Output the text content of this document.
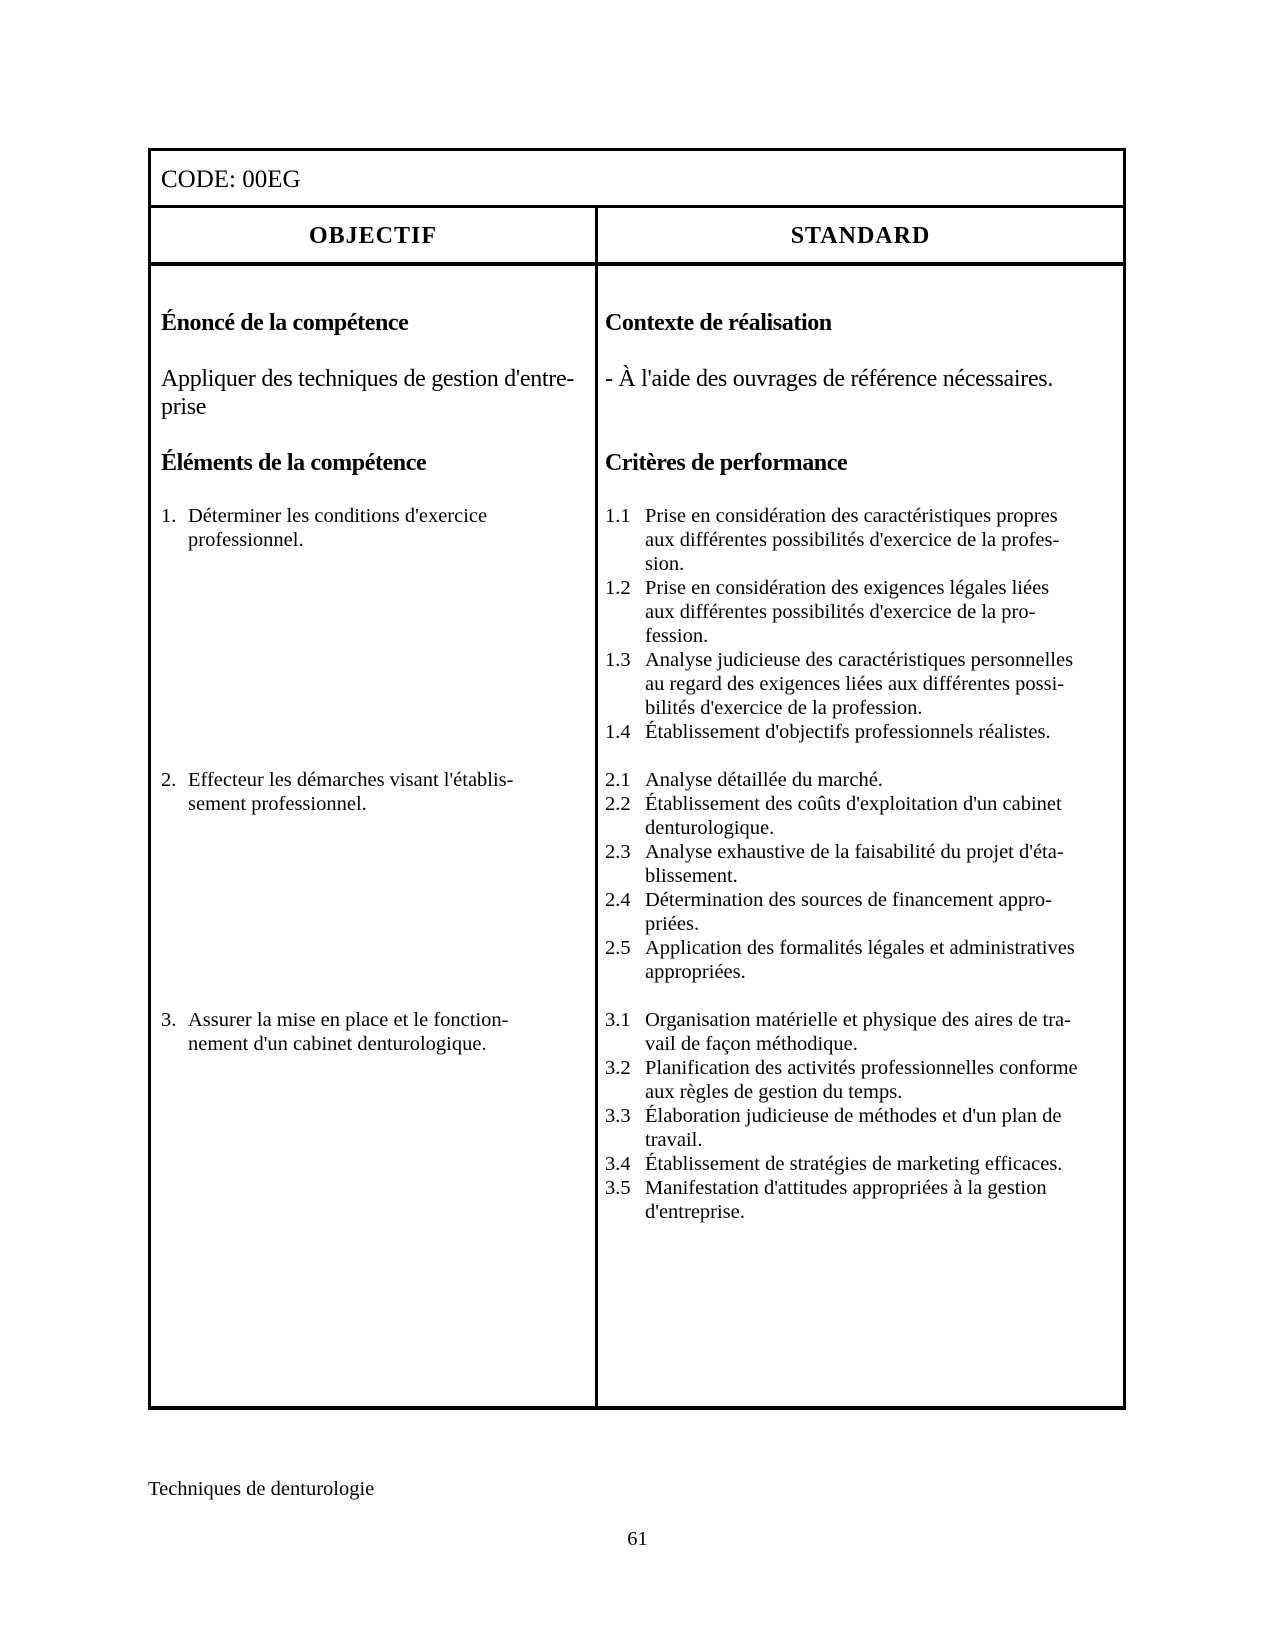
CODE: 00EG
OBJECTIF	STANDARD
Énoncé de la compétence
Appliquer des techniques de gestion d'entre-
prise
Éléments de la compétence
1. Déterminer les conditions d'exercice
professionnel.
2. Effecteur les démarches visant l'établis-
sement professionnel.
3. Assurer la mise en place et le fonction-
nement d'un cabinet denturologique.
Contexte de réalisation
- À l'aide des ouvrages de référence nécessaires.
Critères de performance
1.1 Prise en considération des caractéristiques propres
aux différentes possibilités d'exercice de la profes-
sion.
1.2 Prise en considération des exigences légales liées
aux différentes possibilités d'exercice de la pro-
fession.
1.3 Analyse judicieuse des caractéristiques personnelles
au regard des exigences liées aux différentes possi-
bilités d'exercice de la profession.
1.4 Établissement d'objectifs professionnels réalistes.
2.1 Analyse détaillée du marché.
2.2 Établissement des coûts d'exploitation d'un cabinet
denturologique.
2.3 Analyse exhaustive de la faisabilité du projet d'éta-
blissement.
2.4 Détermination des sources de financement appro-
priées.
2.5 Application des formalités légales et administratives
appropriées.
3.1 Organisation matérielle et physique des aires de tra-
vail de façon méthodique.
3.2 Planification des activités professionnelles conforme
aux règles de gestion du temps.
3.3 Élaboration judicieuse de méthodes et d'un plan de
travail.
3.4 Établissement de stratégies de marketing efficaces.
3.5 Manifestation d'attitudes appropriées à la gestion
d'entreprise.
Techniques de denturologie
61
